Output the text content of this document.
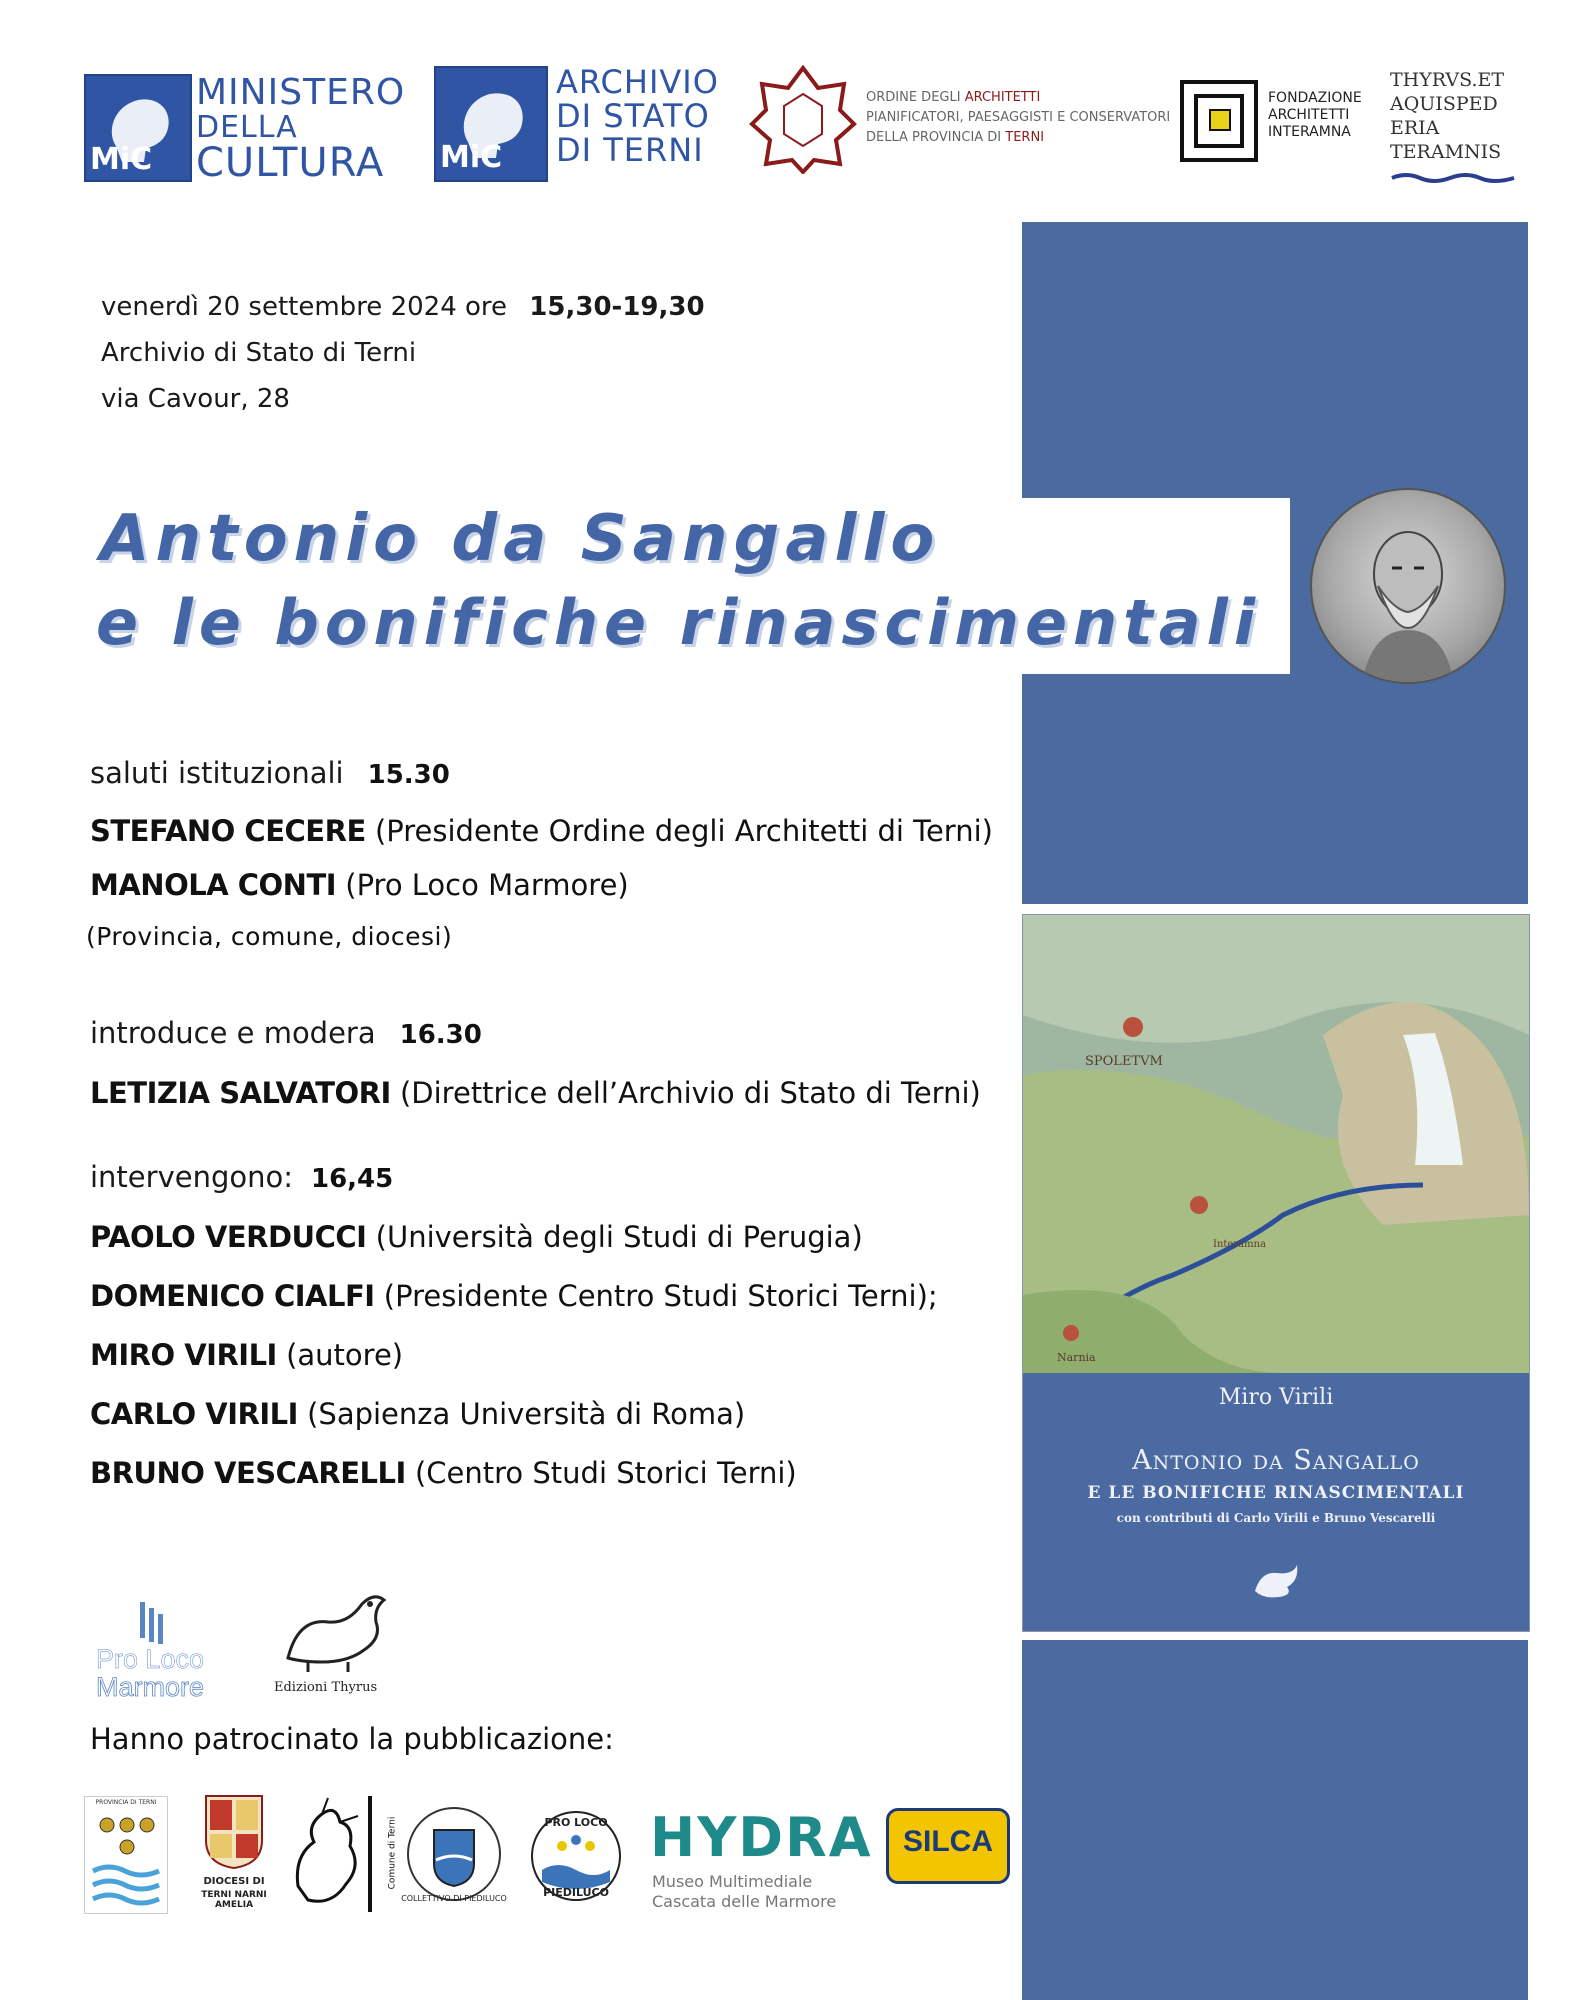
MiC
MINISTERO
DELLA
CULTURA MiC
ARCHIVIO
DI STATO
DI TERNI
ORDINE DEGLI ARCHITETTI
PIANIFICATORI, PAESAGGISTI E CONSERVATORI
DELLA PROVINCIA DI TERNI
FONDAZIONE
ARCHITETTI
INTERAMNA
THYRVS.ET
AQUISPED
ERIA
TERAMNIS
venerdì 20 settembre 2024 ore 15,30-19,30
Archivio di Stato di Terni
via Cavour, 28
Antonio da Sangallo
e le bonifiche rinascimentali
saluti istituzionali 15.30
STEFANO CECERE (Presidente Ordine degli Architetti di Terni)
MANOLA CONTI (Pro Loco Marmore)
(Provincia, comune, diocesi)
introduce e modera 16.30
LETIZIA SALVATORI (Direttrice dell’Archivio di Stato di Terni)
intervengono: 16,45
PAOLO VERDUCCI (Università degli Studi di Perugia)
DOMENICO CIALFI (Presidente Centro Studi Storici Terni);
MIRO VIRILI (autore)
CARLO VIRILI (Sapienza Università di Roma)
BRUNO VESCARELLI (Centro Studi Storici Terni)
SPOLETVM
Interamna
Narnia
Miro Virili
Antonio da Sangallo
E LE BONIFICHE RINASCIMENTALI
con contributi di Carlo Virili e Bruno Vescarelli
Pro Loco
Marmore	Edizioni Thyrus
Hanno patrocinato la pubblicazione:
PROVINCIA DI TERNI
DIOCESI DI
TERNI NARNI AMELIA
Comune di Terni
COLLETTIVO DI PIEDILUCO
PRO LOCO
PIEDILUCO
HYDRA
Museo Multimediale
Cascata delle Marmore
SILCA
